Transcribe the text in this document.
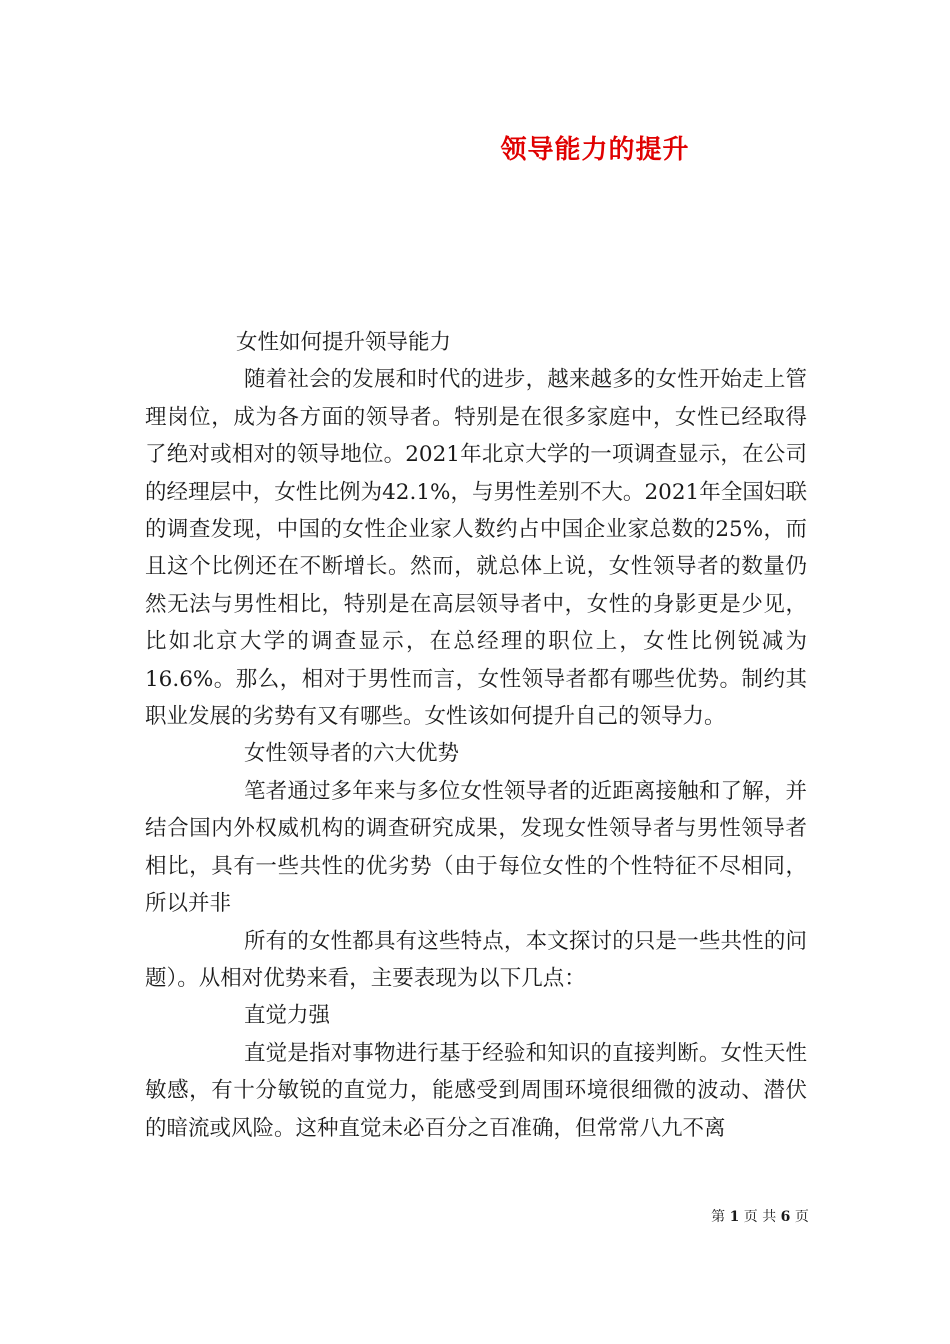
领导能力的提升

女性如何提升领导能力

随着社会的发展和时代的进步，越来越多的女性开始走上管理岗位，成为各方面的领导者。特别是在很多家庭中，女性已经取得了绝对或相对的领导地位。2021年北京大学的一项调查显示，在公司的经理层中，女性比例为42.1%，与男性差别不大。2021年全国妇联的调查发现，中国的女性企业家人数约占中国企业家总数的25%，而且这个比例还在不断增长。然而，就总体上说，女性领导者的数量仍然无法与男性相比，特别是在高层领导者中，女性的身影更是少见，比如北京大学的调查显示，在总经理的职位上，女性比例锐减为16.6%。那么，相对于男性而言，女性领导者都有哪些优势。制约其职业发展的劣势有又有哪些。女性该如何提升自己的领导力。

女性领导者的六大优势

笔者通过多年来与多位女性领导者的近距离接触和了解，并结合国内外权威机构的调查研究成果，发现女性领导者与男性领导者相比，具有一些共性的优劣势（由于每位女性的个性特征不尽相同，所以并非

所有的女性都具有这些特点，本文探讨的只是一些共性的问题）。从相对优势来看，主要表现为以下几点：

直觉力强

直觉是指对事物进行基于经验和知识的直接判断。女性天性敏感，有十分敏锐的直觉力，能感受到周围环境很细微的波动、潜伏的暗流或风险。这种直觉未必百分之百准确，但常常八九不离

第 1 页 共 6 页
